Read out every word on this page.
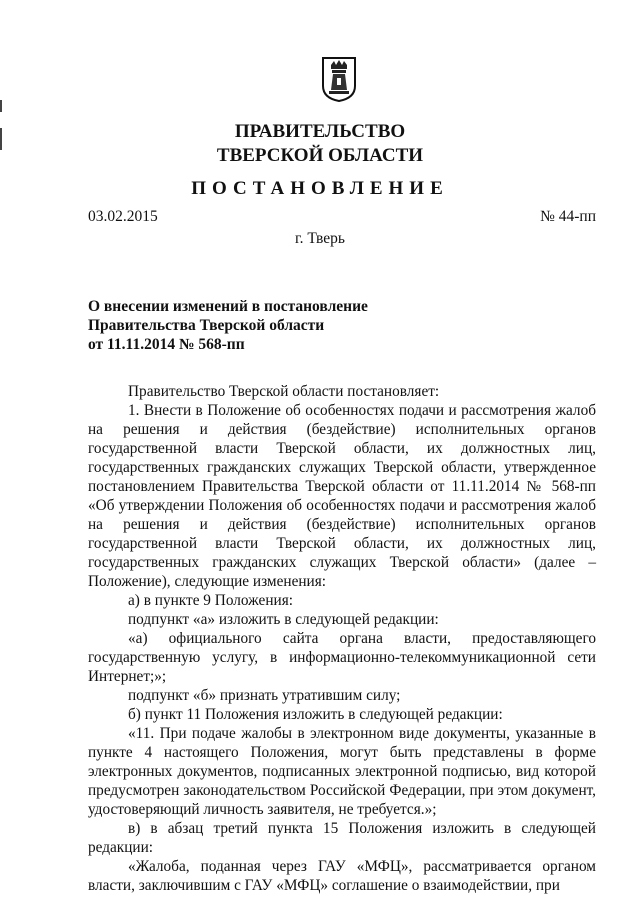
ПРАВИТЕЛЬСТВО
ТВЕРСКОЙ ОБЛАСТИ
ПОСТАНОВЛЕНИЕ
03.02.2015	№ 44-пп
г. Тверь
О внесении изменений в постановление
Правительства Тверской области
от 11.11.2014 № 568-пп

Правительство Тверской области постановляет:

1. Внести в Положение об особенностях подачи и рассмотрения жалоб на решения и действия (бездействие) исполнительных органов государственной власти Тверской области, их должностных лиц, государственных гражданских служащих Тверской области, утвержденное постановлением Правительства Тверской области от 11.11.2014 № 568-пп «Об утверждении Положения об особенностях подачи и рассмотрения жалоб на решения и действия (бездействие) исполнительных органов государственной власти Тверской области, их должностных лиц, государственных гражданских служащих Тверской области» (далее – Положение), следующие изменения:

а) в пункте 9 Положения:

подпункт «а» изложить в следующей редакции:

«а) официального сайта органа власти, предоставляющего государственную услугу, в информационно-телекоммуникационной сети Интернет;»;

подпункт «б» признать утратившим силу;

б) пункт 11 Положения изложить в следующей редакции:

«11. При подаче жалобы в электронном виде документы, указанные в пункте 4 настоящего Положения, могут быть представлены в форме электронных документов, подписанных электронной подписью, вид которой предусмотрен законодательством Российской Федерации, при этом документ, удостоверяющий личность заявителя, не требуется.»;

в) в абзац третий пункта 15 Положения изложить в следующей редакции:

«Жалоба, поданная через ГАУ «МФЦ», рассматривается органом власти, заключившим с ГАУ «МФЦ» соглашение о взаимодействии, при
